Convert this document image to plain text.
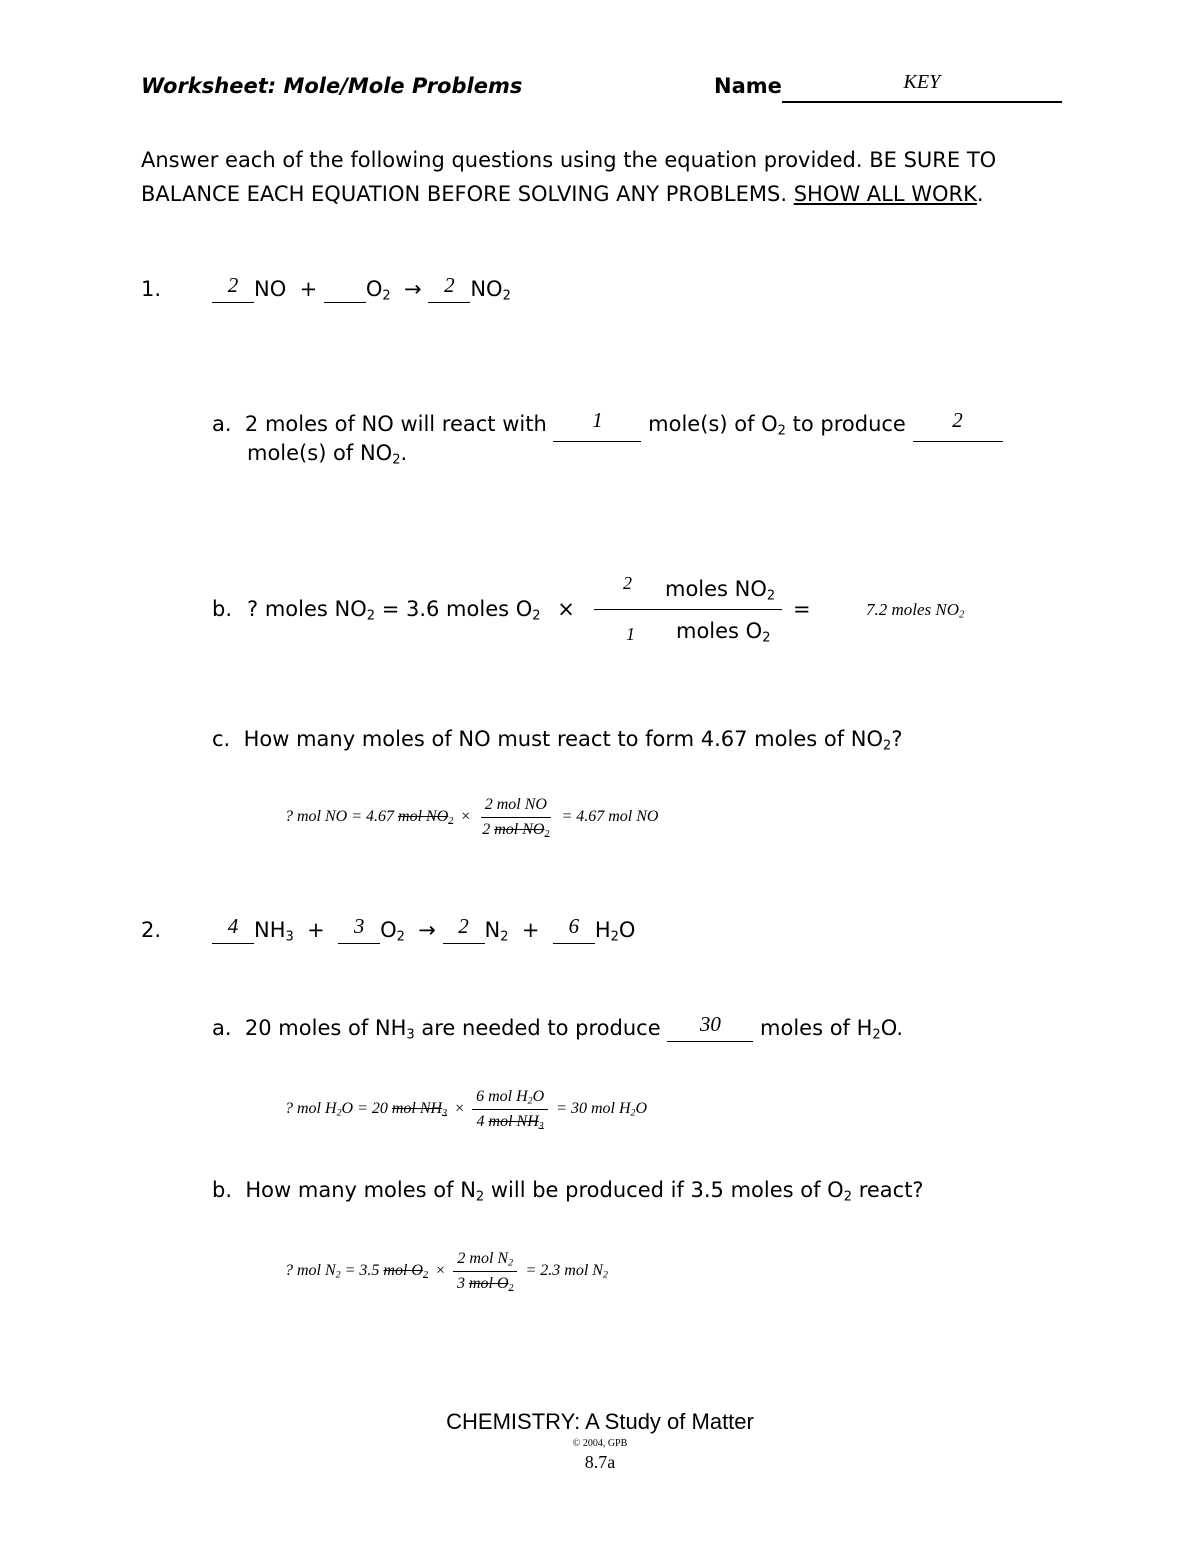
Worksheet: Mole/Mole Problems	Name	KEY
Answer each of the following questions using the equation provided. BE SURE TO BALANCE EACH EQUATION BEFORE SOLVING ANY PROBLEMS. SHOW ALL WORK.
1.	2 NO  +  $O_2 \to 2$ $NO_2$
a. 2 moles of NO will react with 1 mole(s) of $O_2$ to produce 2
mole(s) of $NO_2$.
b. ? moles $NO_2 = 3.6$ moles $O_2$ ×
2 moles $NO_2$
1 moles $O_2$
=	7.2 moles $NO_2$
c. How many moles of NO must react to form 4.67 moles of $NO_2$?
? mol NO = 4.67 mol $NO_2 \times \frac{\text{2 mol NO}}{2 mol NO_2} = 4.67$ mol NO
2.	4 $NH_3 + 3$ $O_2 \to 2$ $N_2 + 6$ $H_2O$
a. 20 moles of $NH_3$ are needed to produce 30 moles of $H_2O$.
? mol $H_2O = 20$ mol $NH_3 \times \frac{6 mol H_2O}{4 mol NH_3} = 30$ mol $H_2O$
b. How many moles of $N_2$ will be produced if 3.5 moles of $O_2$ react?
? mol $N_2 = 3.5$ mol $O_2 \times \frac{2 mol N_2}{3 mol O_2} = 2.3$ mol $N_2$
CHEMISTRY: A Study of Matter
© 2004, GPB
8.7a
